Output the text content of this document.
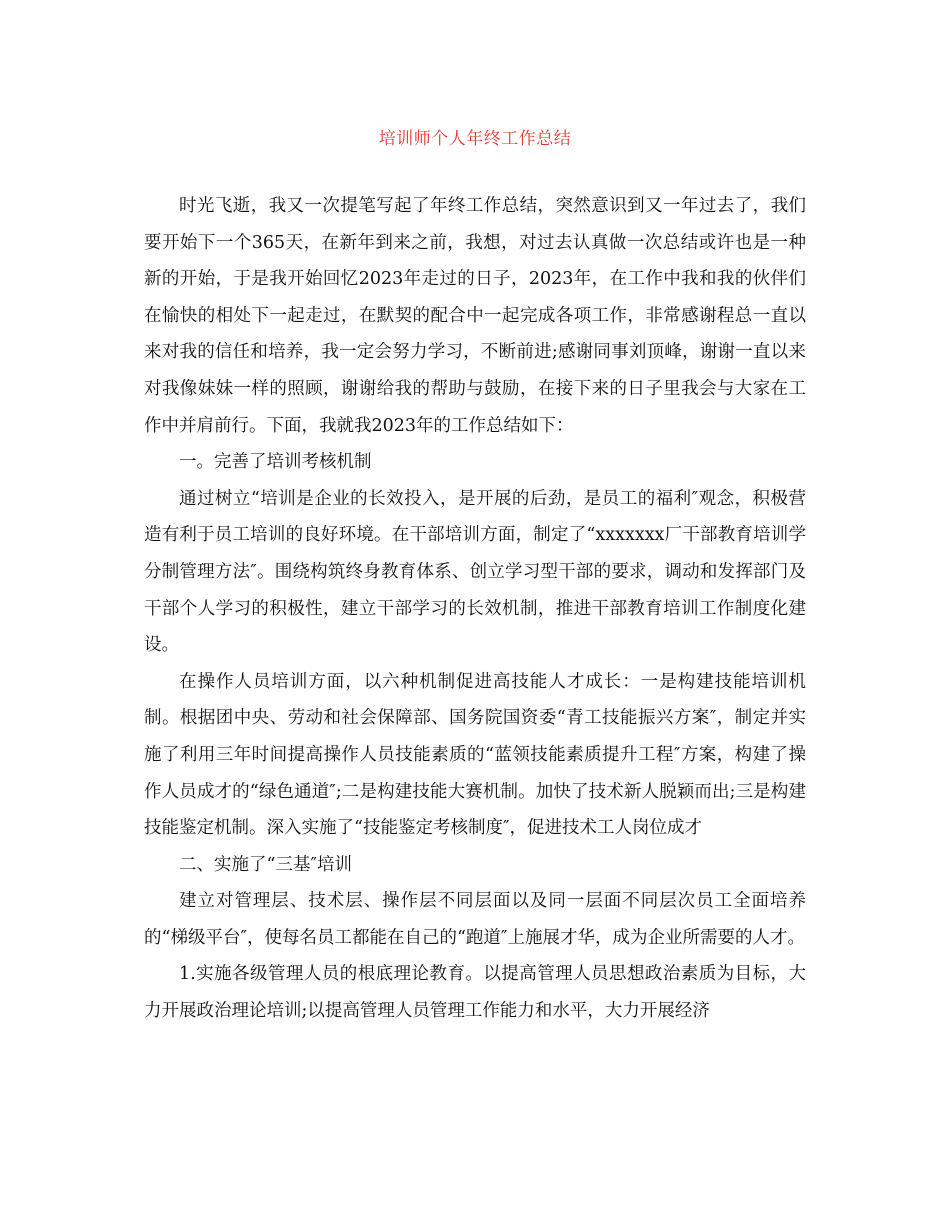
培训师个人年终工作总结

时光飞逝，我又一次提笔写起了年终工作总结，突然意识到又一年过去了，我们要开始下一个365天，在新年到来之前，我想，对过去认真做一次总结或许也是一种新的开始，于是我开始回忆2023年走过的日子，2023年，在工作中我和我的伙伴们在愉快的相处下一起走过，在默契的配合中一起完成各项工作，非常感谢程总一直以来对我的信任和培养，我一定会努力学习，不断前进;感谢同事刘顶峰，谢谢一直以来对我像妹妹一样的照顾，谢谢给我的帮助与鼓励，在接下来的日子里我会与大家在工作中并肩前行。下面，我就我2023年的工作总结如下：

一。完善了培训考核机制

通过树立“培训是企业的长效投入，是开展的后劲，是员工的福利″观念，积极营造有利于员工培训的良好环境。在干部培训方面，制定了“xxxxxxx厂干部教育培训学分制管理方法″。围绕构筑终身教育体系、创立学习型干部的要求，调动和发挥部门及干部个人学习的积极性，建立干部学习的长效机制，推进干部教育培训工作制度化建设。

在操作人员培训方面，以六种机制促进高技能人才成长：一是构建技能培训机制。根据团中央、劳动和社会保障部、国务院国资委“青工技能振兴方案″，制定并实施了利用三年时间提高操作人员技能素质的“蓝领技能素质提升工程″方案，构建了操作人员成才的“绿色通道″;二是构建技能大赛机制。加快了技术新人脱颖而出;三是构建技能鉴定机制。深入实施了“技能鉴定考核制度″，促进技术工人岗位成才

二、实施了“三基″培训

建立对管理层、技术层、操作层不同层面以及同一层面不同层次员工全面培养的“梯级平台″，使每名员工都能在自己的“跑道″上施展才华，成为企业所需要的人才。

1.实施各级管理人员的根底理论教育。以提高管理人员思想政治素质为目标，大力开展政治理论培训;以提高管理人员管理工作能力和水平，大力开展经济
